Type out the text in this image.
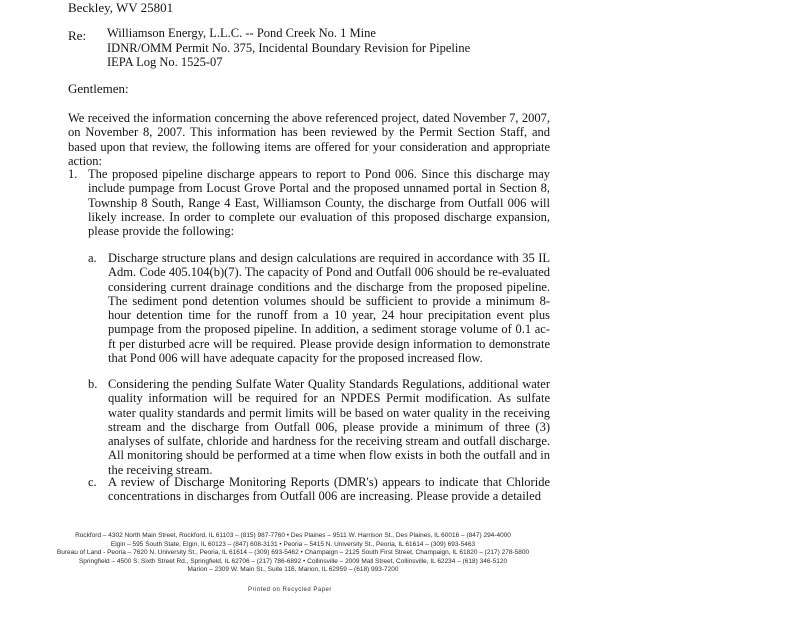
Beckley, WV 25801
Re: Williamson Energy, L.L.C. -- Pond Creek No. 1 Mine
IDNR/OMM Permit No. 375, Incidental Boundary Revision for Pipeline
IEPA Log No. 1525-07
Gentlemen:
We received the information concerning the above referenced project, dated November 7, 2007, on November 8, 2007. This information has been reviewed by the Permit Section Staff, and based upon that review, the following items are offered for your consideration and appropriate action:
1. The proposed pipeline discharge appears to report to Pond 006. Since this discharge may include pumpage from Locust Grove Portal and the proposed unnamed portal in Section 8, Township 8 South, Range 4 East, Williamson County, the discharge from Outfall 006 will likely increase. In order to complete our evaluation of this proposed discharge expansion, please provide the following:
a. Discharge structure plans and design calculations are required in accordance with 35 IL Adm. Code 405.104(b)(7). The capacity of Pond and Outfall 006 should be re-evaluated considering current drainage conditions and the discharge from the proposed pipeline. The sediment pond detention volumes should be sufficient to provide a minimum 8-hour detention time for the runoff from a 10 year, 24 hour precipitation event plus pumpage from the proposed pipeline. In addition, a sediment storage volume of 0.1 ac-ft per disturbed acre will be required. Please provide design information to demonstrate that Pond 006 will have adequate capacity for the proposed increased flow.
b. Considering the pending Sulfate Water Quality Standards Regulations, additional water quality information will be required for an NPDES Permit modification. As sulfate water quality standards and permit limits will be based on water quality in the receiving stream and the discharge from Outfall 006, please provide a minimum of three (3) analyses of sulfate, chloride and hardness for the receiving stream and outfall discharge. All monitoring should be performed at a time when flow exists in both the outfall and in the receiving stream.
c. A review of Discharge Monitoring Reports (DMR's) appears to indicate that Chloride concentrations in discharges from Outfall 006 are increasing. Please provide a detailed
Rockford – 4302 North Main Street, Rockford, IL 61103 – (815) 987-7760 • Des Plaines – 9511 W. Harrison St., Des Plaines, IL 60016 – (847) 294-4000
Elgin – 595 South State, Elgin, IL 60123 – (847) 608-3131 • Peoria – 5415 N. University St., Peoria, IL 61614 – (309) 693-5463
Bureau of Land - Peoria – 7620 N. University St., Peoria, IL 61614 – (309) 693-5462 • Champaign – 2125 South First Street, Champaign, IL 61820 – (217) 278-5800
Springfield – 4500 S. Sixth Street Rd., Springfield, IL 62706 – (217) 786-6892 • Collinsville – 2009 Mall Street, Collinsville, IL 62234 – (618) 346-5120
Marion – 2309 W. Main St., Suite 116, Marion, IL 62959 – (618) 993-7200
Printed on Recycled Paper
